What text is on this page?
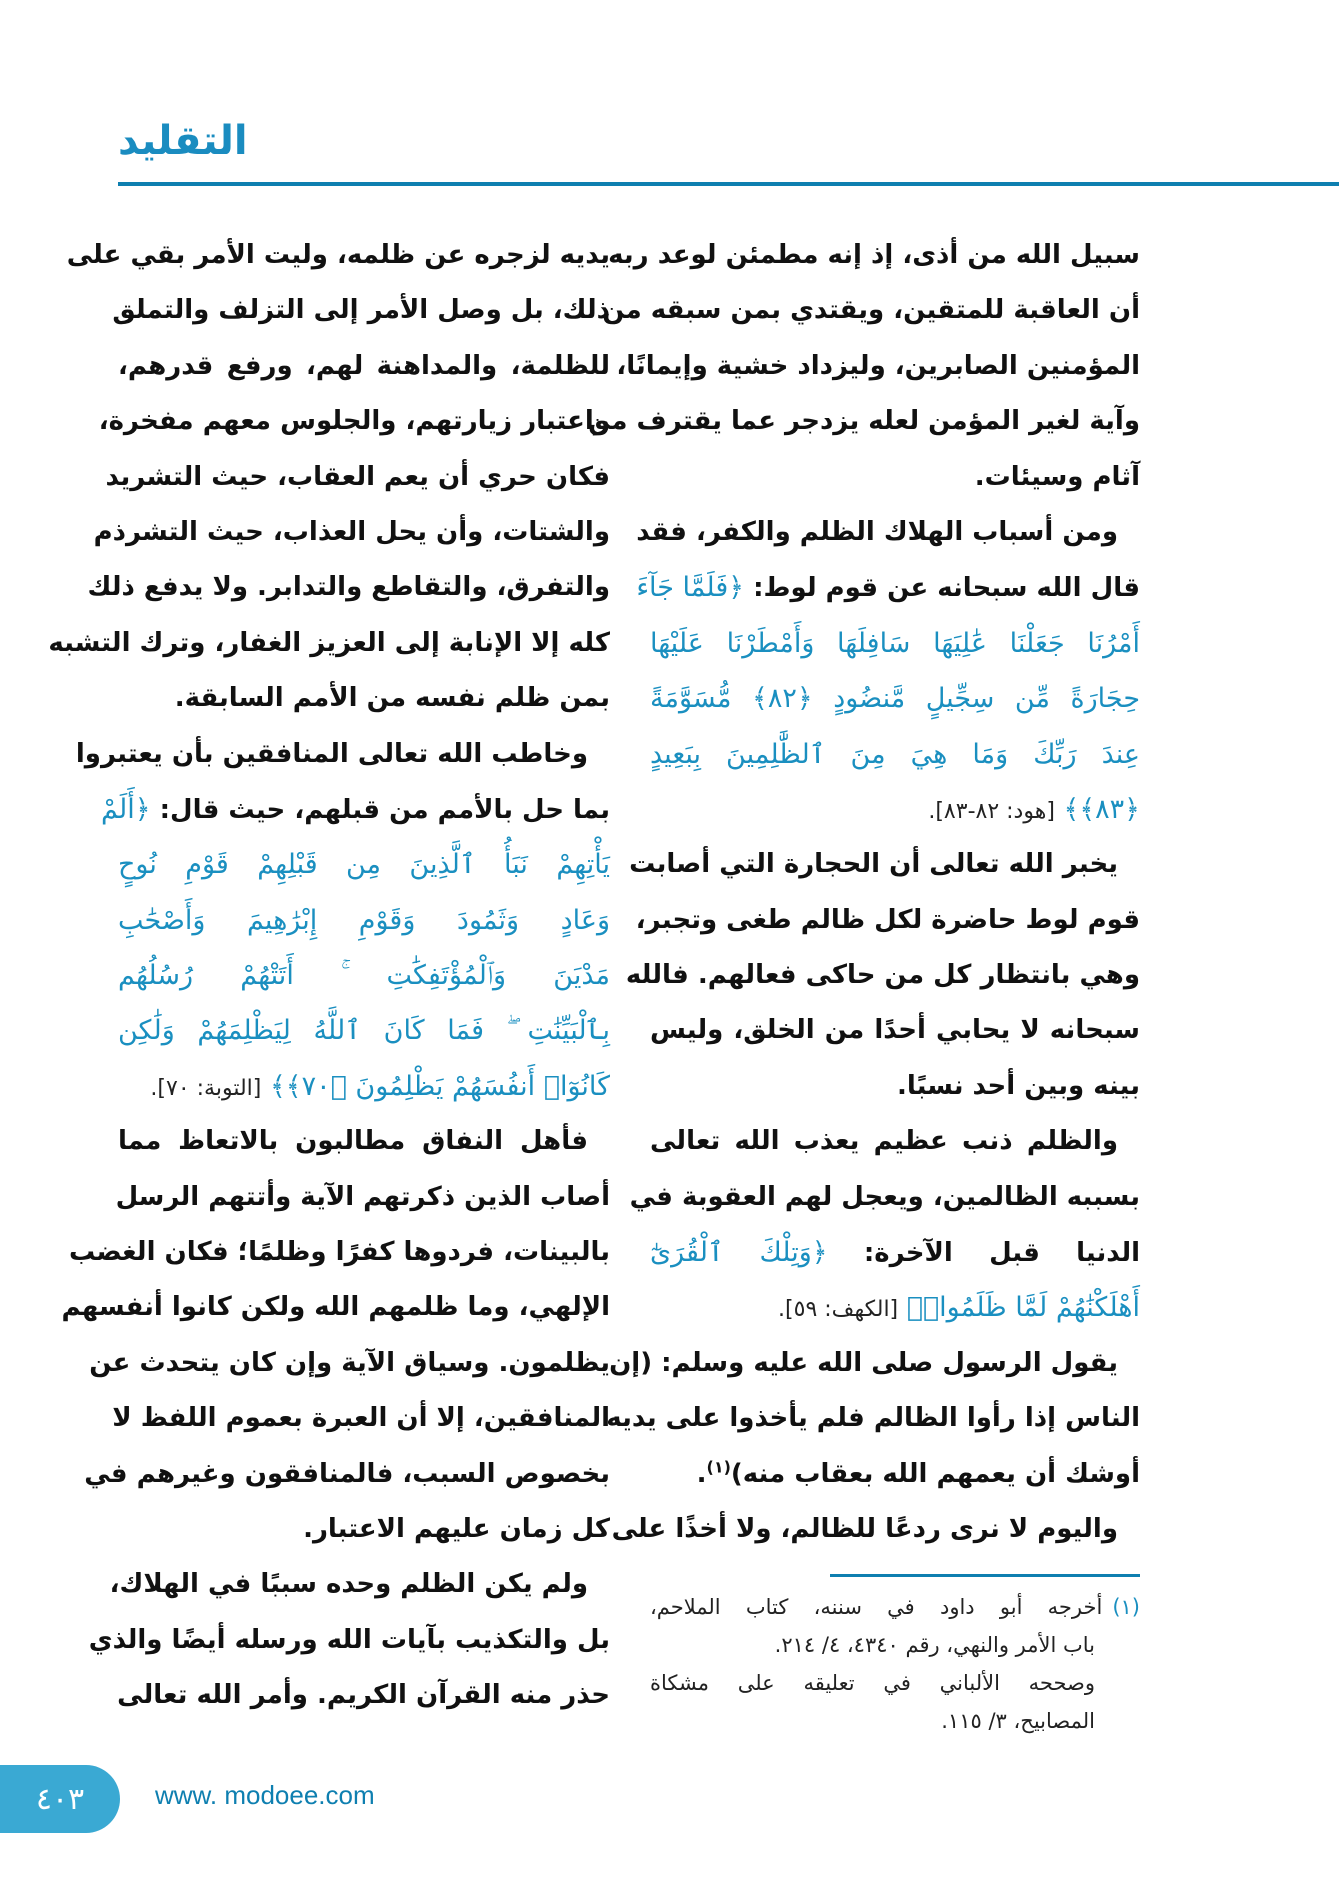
التقليد
سبيل الله من أذى، إذ إنه مطمئن لوعد ربه
أن العاقبة للمتقين، ويقتدي بمن سبقه من
المؤمنين الصابرين، وليزداد خشية وإيمانًا،
وآية لغير المؤمن لعله يزدجر عما يقترف من
آثام وسيئات.
ومن أسباب الهلاك الظلم والكفر، فقد
قال الله سبحانه عن قوم لوط: ﴿فَلَمَّا جَآءَ
أَمْرُنَا جَعَلْنَا عَٰلِيَهَا سَافِلَهَا وَأَمْطَرْنَا عَلَيْهَا
حِجَارَةً مِّن سِجِّيلٍ مَّنضُودٍ ﴿٨٢﴾ مُّسَوَّمَةً
عِندَ رَبِّكَ وَمَا هِيَ مِنَ ٱلظَّٰلِمِينَ بِبَعِيدٍ
﴿٨٣﴾﴾ [هود: ٨٢-٨٣].
يخبر الله تعالى أن الحجارة التي أصابت
قوم لوط حاضرة لكل ظالم طغى وتجبر،
وهي بانتظار كل من حاكى فعالهم. فالله
سبحانه لا يحابي أحدًا من الخلق، وليس
بينه وبين أحد نسبًا.
والظلم ذنب عظيم يعذب الله تعالى
بسببه الظالمين، ويعجل لهم العقوبة في
الدنيا قبل الآخرة: ﴿وَتِلْكَ ٱلْقُرَىٰٓ
أَهْلَكْنَٰهُمْ لَمَّا ظَلَمُوا۟﴾ [الكهف: ٥٩].
يقول الرسول صلى الله عليه وسلم: (إن
الناس إذا رأوا الظالم فلم يأخذوا على يديه
أوشك أن يعمهم الله بعقاب منه)$^{(١)}$.
واليوم لا نرى ردعًا للظالم، ولا أخذًا على
يديه لزجره عن ظلمه، وليت الأمر بقي على
ذلك، بل وصل الأمر إلى التزلف والتملق
للظلمة، والمداهنة لهم، ورفع قدرهم،
واعتبار زيارتهم، والجلوس معهم مفخرة،
فكان حري أن يعم العقاب، حيث التشريد
والشتات، وأن يحل العذاب، حيث التشرذم
والتفرق، والتقاطع والتدابر. ولا يدفع ذلك
كله إلا الإنابة إلى العزيز الغفار، وترك التشبه
بمن ظلم نفسه من الأمم السابقة.
وخاطب الله تعالى المنافقين بأن يعتبروا
بما حل بالأمم من قبلهم، حيث قال: ﴿أَلَمْ
يَأْتِهِمْ نَبَأُ ٱلَّذِينَ مِن قَبْلِهِمْ قَوْمِ نُوحٍ
وَعَادٍ وَثَمُودَ وَقَوْمِ إِبْرَٰهِيمَ وَأَصْحَٰبِ
مَدْيَنَ وَٱلْمُؤْتَفِكَٰتِ ۚ أَتَتْهُمْ رُسُلُهُم
بِٱلْبَيِّنَٰتِ ۖ فَمَا كَانَ ٱللَّهُ لِيَظْلِمَهُمْ وَلَٰكِن
كَانُوٓا۟ أَنفُسَهُمْ يَظْلِمُونَ ﴿٧٠﴾﴾ [التوبة: ٧٠].
فأهل النفاق مطالبون بالاتعاظ مما
أصاب الذين ذكرتهم الآية وأتتهم الرسل
بالبينات، فردوها كفرًا وظلمًا؛ فكان الغضب
الإلهي، وما ظلمهم الله ولكن كانوا أنفسهم
يظلمون. وسياق الآية وإن كان يتحدث عن
المنافقين، إلا أن العبرة بعموم اللفظ لا
بخصوص السبب، فالمنافقون وغيرهم في
كل زمان عليهم الاعتبار.
ولم يكن الظلم وحده سببًا في الهلاك،
بل والتكذيب بآيات الله ورسله أيضًا والذي
حذر منه القرآن الكريم. وأمر الله تعالى
(١)أخرجه أبو داود في سننه، كتاب الملاحم،
باب الأمر والنهي، رقم ٤٣٤٠، ٤/ ٢١٤.
وصححه الألباني في تعليقه على مشكاة
المصابيح، ٣/ ١١٥.
٤٠٣	www. modoee.com
